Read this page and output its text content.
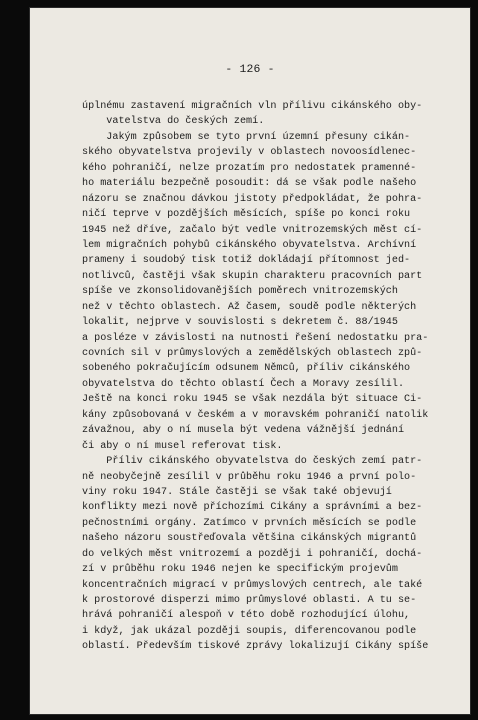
- 126 -
úplnému zastavení migračních vln přílivu cikánského oby-
vatelstva do českých zemí.
Jakým způsobem se tyto první územní přesuny cikán-
ského obyvatelstva projevily v oblastech novoosídlenec-
kého pohraničí, nelze prozatím pro nedostatek pramenné-
ho materiálu bezpečně posoudit: dá se však podle našeho
názoru se značnou dávkou jistoty předpokládat, že pohra-
ničí teprve v pozdějších měsících, spíše po konci roku
1945 než dříve, začalo být vedle vnitrozemských měst cí-
lem migračních pohybů cikánského obyvatelstva. Archívní
prameny i soudobý tisk totiž dokládají přítomnost jed-
notlivců, častěji však skupin charakteru pracovních part
spíše ve zkonsolidovanějších poměrech vnitrozemských
než v těchto oblastech. Až časem, soudě podle některých
lokalit, nejprve v souvislosti s dekretem č. 88/1945
a posléze v závislosti na nutnosti řešení nedostatku pra-
covních sil v průmyslových a zemědělských oblastech způ-
sobeného pokračujícím odsunem Němců, příliv cikánského
obyvatelstva do těchto oblastí Čech a Moravy zesílil.
Ještě na konci roku 1945 se však nezdála být situace Ci-
kány způsobovaná v českém a v moravském pohraničí natolik
závažnou, aby o ní musela být vedena vážnější jednání
či aby o ní musel referovat tisk.
Příliv cikánského obyvatelstva do českých zemí patr-
ně neobyčejně zesílil v průběhu roku 1946 a první polo-
viny roku 1947. Stále častěji se však také objevují
konflikty mezi nově příchozími Cikány a správními a bez-
pečnostními orgány. Zatímco v prvních měsících se podle
našeho názoru soustřeďovala většina cikánských migrantů
do velkých měst vnitrozemí a později i pohraničí, dochá-
zí v průběhu roku 1946 nejen ke specifickým projevům
koncentračních migrací v průmyslových centrech, ale také
k prostorové disperzi mimo průmyslové oblasti. A tu se-
hrává pohraničí alespoň v této době rozhodující úlohu,
i když, jak ukázal později soupis, diferencovanou podle
oblastí. Především tiskové zprávy lokalizují Cikány spíše
